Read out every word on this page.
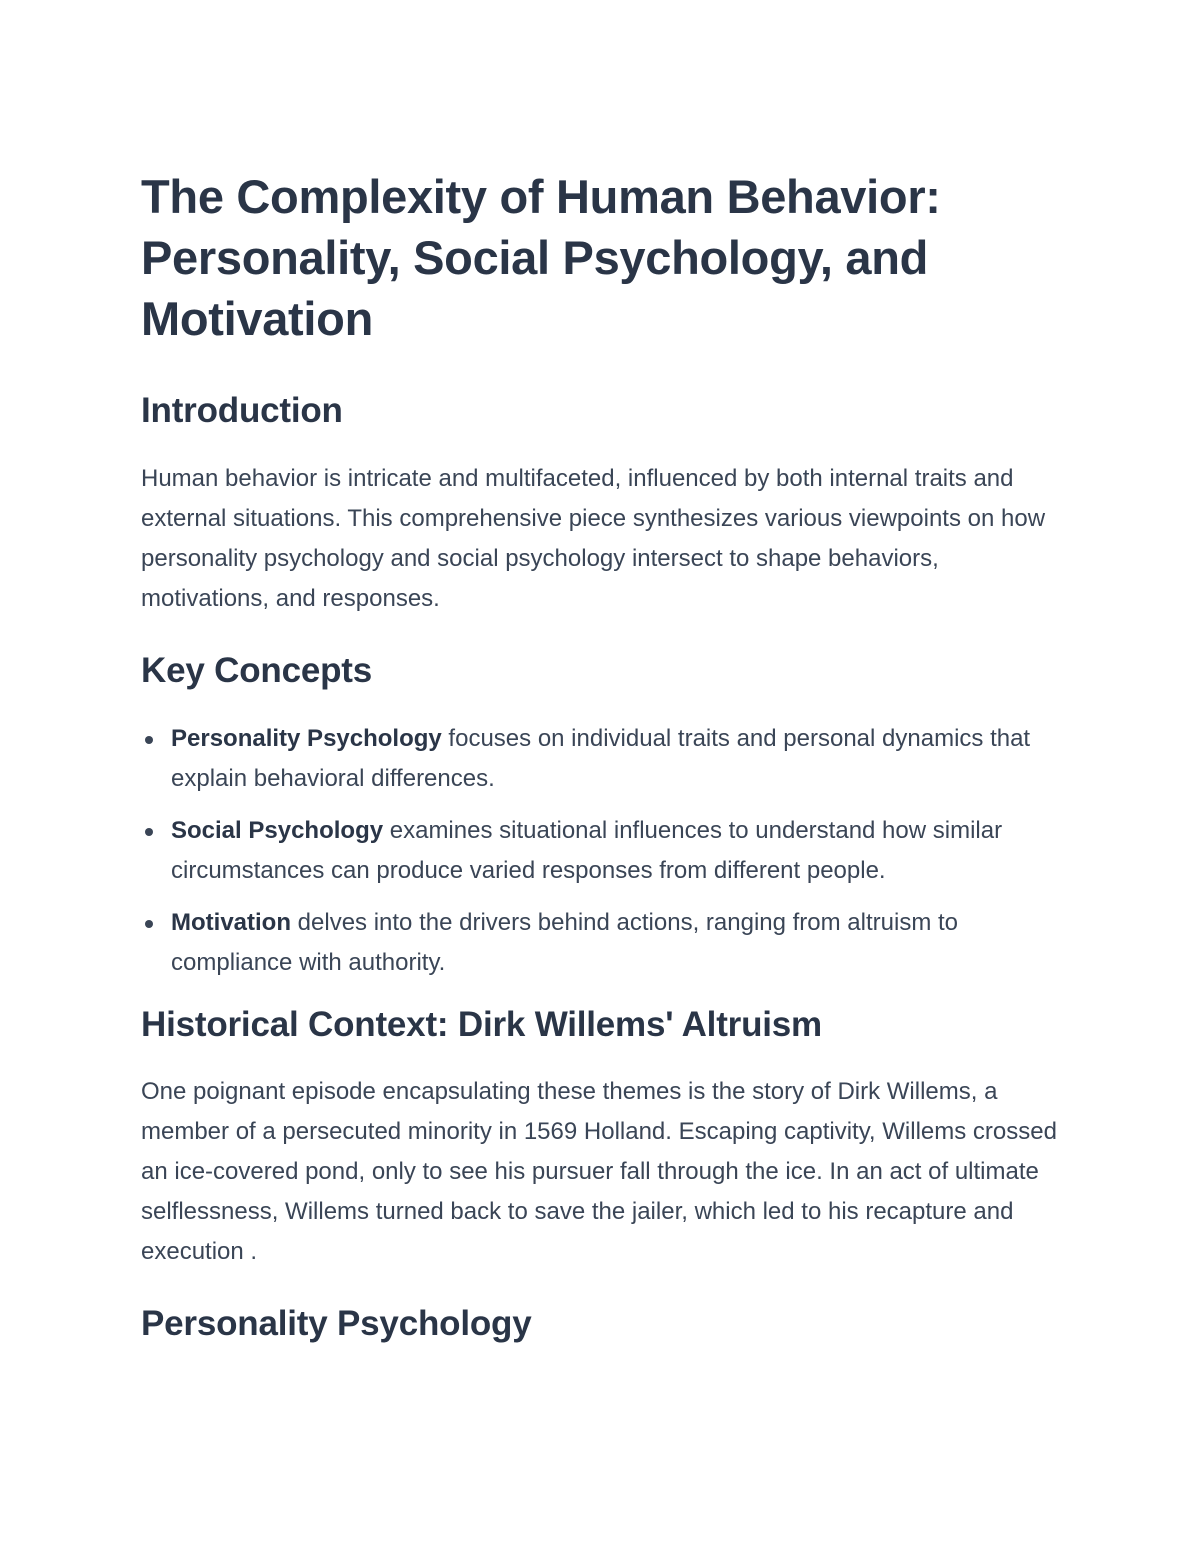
The Complexity of Human Behavior: Personality, Social Psychology, and Motivation
Introduction

Human behavior is intricate and multifaceted, influenced by both internal traits and external situations. This comprehensive piece synthesizes various viewpoints on how personality psychology and social psychology intersect to shape behaviors, motivations, and responses.

Key Concepts
Personality Psychology focuses on individual traits and personal dynamics that explain behavioral differences.
Social Psychology examines situational influences to understand how similar circumstances can produce varied responses from different people.
Motivation delves into the drivers behind actions, ranging from altruism to compliance with authority.
Historical Context: Dirk Willems' Altruism

One poignant episode encapsulating these themes is the story of Dirk Willems, a member of a persecuted minority in 1569 Holland. Escaping captivity, Willems crossed an ice-covered pond, only to see his pursuer fall through the ice. In an act of ultimate selflessness, Willems turned back to save the jailer, which led to his recapture and execution .

Personality Psychology
